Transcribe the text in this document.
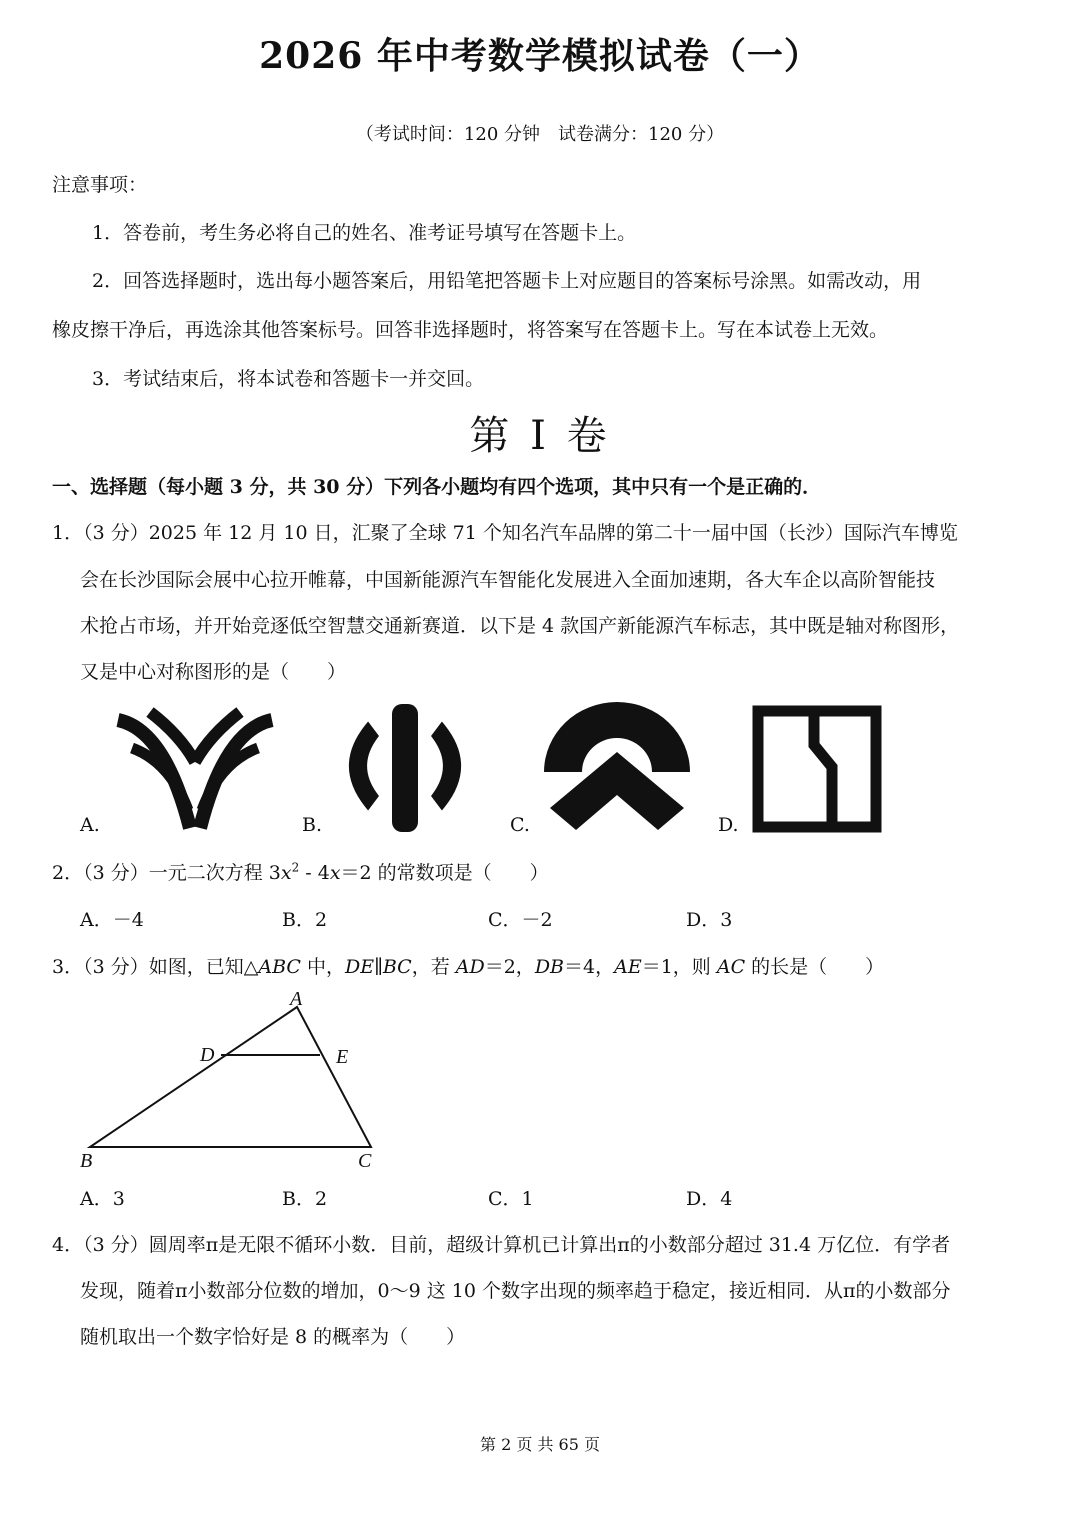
2026 年中考数学模拟试卷（一）

（考试时间：120 分钟　试卷满分：120 分）

注意事项：

1．答卷前，考生务必将自己的姓名、准考证号填写在答题卡上。

2．回答选择题时，选出每小题答案后，用铅笔把答题卡上对应题目的答案标号涂黑。如需改动，用

橡皮擦干净后，再选涂其他答案标号。回答非选择题时，将答案写在答题卡上。写在本试卷上无效。

3．考试结束后，将本试卷和答题卡一并交回。

第 I 卷

一、选择题（每小题 3 分，共 30 分）下列各小题均有四个选项，其中只有一个是正确的．

1．（3 分）2025 年 12 月 10 日，汇聚了全球 71 个知名汽车品牌的第二十一届中国（长沙）国际汽车博览

会在长沙国际会展中心拉开帷幕，中国新能源汽车智能化发展进入全面加速期，各大车企以高阶智能技

术抢占市场，并开始竞逐低空智慧交通新赛道．以下是 4 款国产新能源汽车标志，其中既是轴对称图形，

又是中心对称图形的是（　　）

A.	B.	C.	D.

2．（3 分）一元二次方程 $3x^2 - 4x=2$ 的常数项是（　　）

A．－4	B．2	C．－2	D．3

3．（3 分）如图，已知△ABC 中，DE∥BC，若 AD＝2，DB＝4，AE＝1，则 AC 的长是（　　）

A
D	E
B	C

A．3	B．2	C．1	D．4

4．（3 分）圆周率π是无限不循环小数．目前，超级计算机已计算出π的小数部分超过 31.4 万亿位．有学者

发现，随着π小数部分位数的增加，0～9 这 10 个数字出现的频率趋于稳定，接近相同．从π的小数部分

随机取出一个数字恰好是 8 的概率为（　　）

第 2 页 共 65 页
